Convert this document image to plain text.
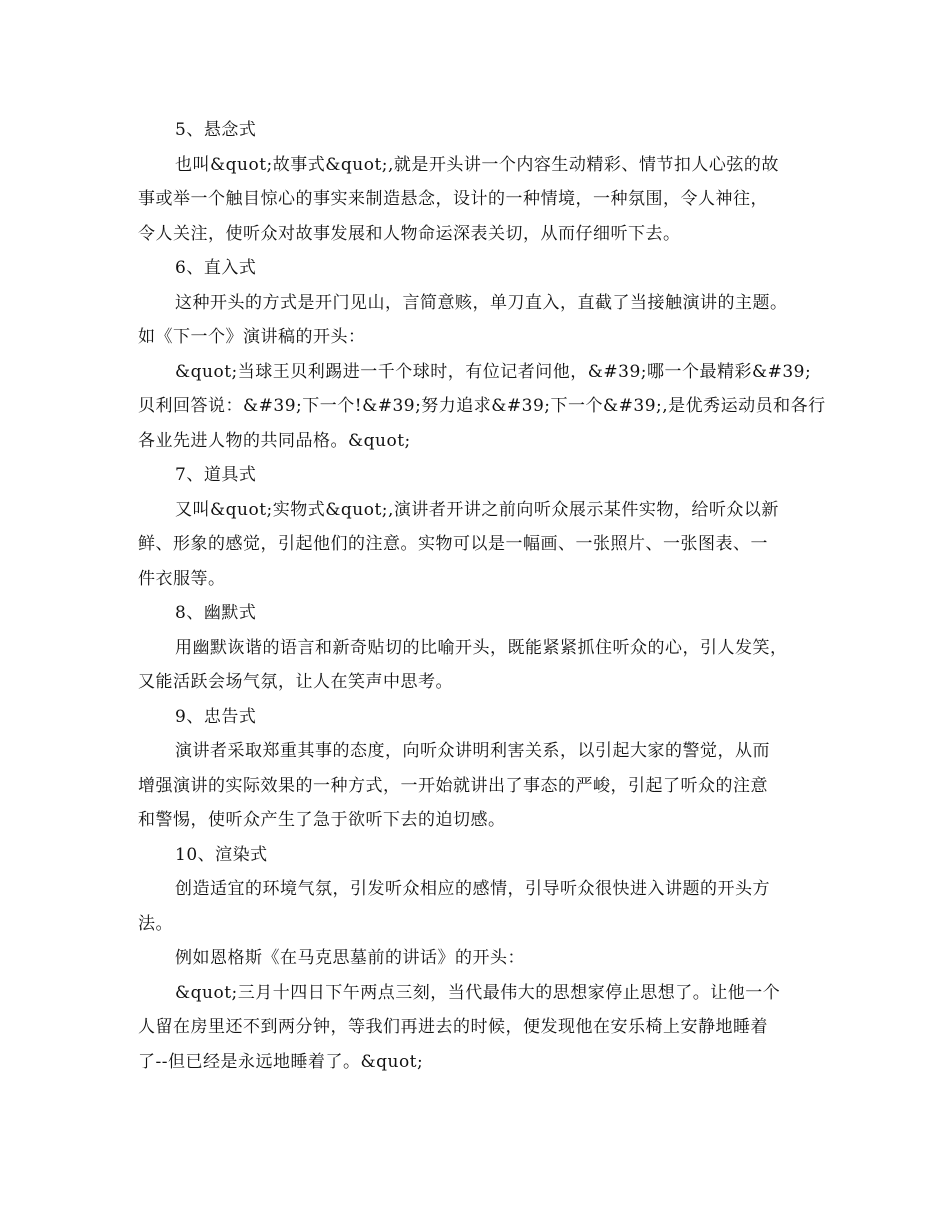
5、悬念式
也叫&quot;故事式&quot;,就是开头讲一个内容生动精彩、情节扣人心弦的故
事或举一个触目惊心的事实来制造悬念，设计的一种情境，一种氛围，令人神往，
令人关注，使听众对故事发展和人物命运深表关切，从而仔细听下去。
6、直入式
这种开头的方式是开门见山，言简意赅，单刀直入，直截了当接触演讲的主题。
如《下一个》演讲稿的开头：
&quot;当球王贝利踢进一千个球时，有位记者问他，&#39;哪一个最精彩&#39;
贝利回答说：&#39;下一个!&#39;努力追求&#39;下一个&#39;,是优秀运动员和各行
各业先进人物的共同品格。&quot;
7、道具式
又叫&quot;实物式&quot;,演讲者开讲之前向听众展示某件实物，给听众以新
鲜、形象的感觉，引起他们的注意。实物可以是一幅画、一张照片、一张图表、一
件衣服等。
8、幽默式
用幽默诙谐的语言和新奇贴切的比喻开头，既能紧紧抓住听众的心，引人发笑，
又能活跃会场气氛，让人在笑声中思考。
9、忠告式
演讲者采取郑重其事的态度，向听众讲明利害关系，以引起大家的警觉，从而
增强演讲的实际效果的一种方式，一开始就讲出了事态的严峻，引起了听众的注意
和警惕，使听众产生了急于欲听下去的迫切感。
10、渲染式
创造适宜的环境气氛，引发听众相应的感情，引导听众很快进入讲题的开头方
法。
例如恩格斯《在马克思墓前的讲话》的开头：
&quot;三月十四日下午两点三刻，当代最伟大的思想家停止思想了。让他一个
人留在房里还不到两分钟，等我们再进去的时候，便发现他在安乐椅上安静地睡着
了--但已经是永远地睡着了。&quot;
